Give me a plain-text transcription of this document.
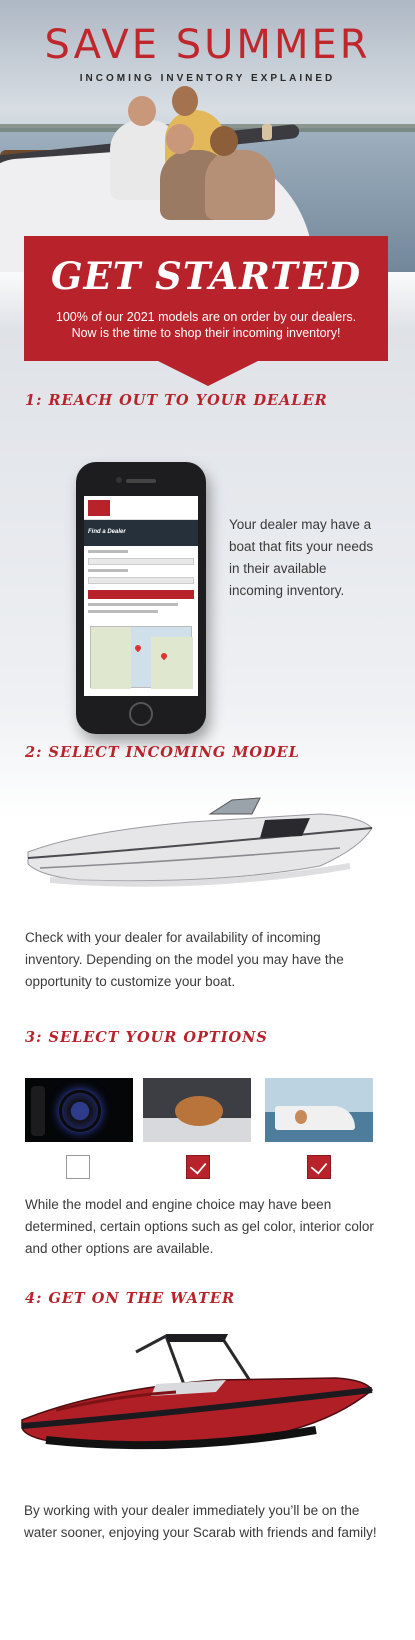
SAVE SUMMER
INCOMING INVENTORY EXPLAINED
GET STARTED
100% of our 2021 models are on order by our dealers. Now is the time to shop their incoming inventory!
1: REACH OUT TO YOUR DEALER
Find a Dealer	Your dealer may have a boat that fits your needs in their available incoming inventory.
2: SELECT INCOMING MODEL
Check with your dealer for availability of incoming inventory. Depending on the model you may have the opportunity to customize your boat.
3: SELECT YOUR OPTIONS
While the model and engine choice may have been determined, certain options such as gel color, interior color and other options are available.
4: GET ON THE WATER
By working with your dealer immediately you’ll be on the water sooner, enjoying your Scarab with friends and family!
